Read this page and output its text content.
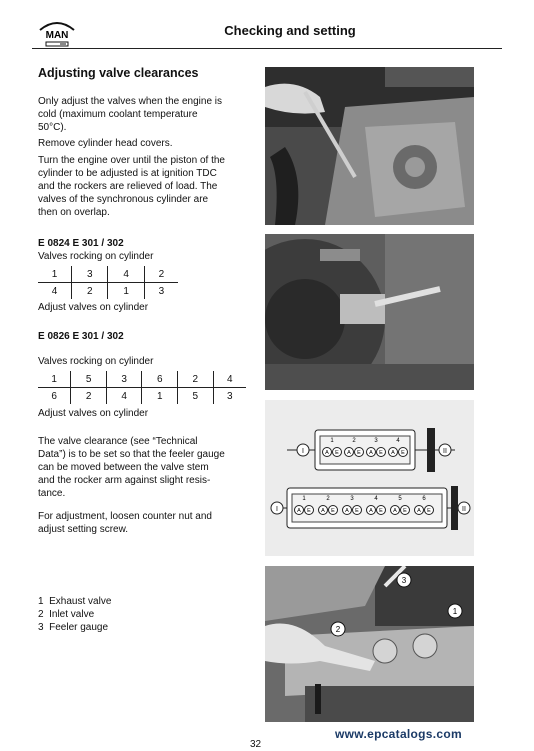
MAN	Checking and setting
Adjusting valve clearances
Only adjust the valves when the engine is
cold (maximum coolant temperature
50°C).
Remove cylinder head covers.
Turn the engine over until the piston of the
cylinder to be adjusted is at ignition TDC
and the rockers are relieved of load. The
valves of the synchronous cylinder are
then on overlap.
E 0824 E 301 / 302
Valves rocking on cylinder
1	3	4	2
4	2	1	3
Adjust valves on cylinder
E 0826 E 301 / 302
Valves rocking on cylinder
1	5	3	6	2	4
6	2	4	1	5	3
Adjust valves on cylinder
The valve clearance (see “Technical
Data”) is to be set so that the feeler gauge
can be moved between the valve stem
and the rocker arm against slight resis-
tance.
For adjustment, loosen counter nut and
adjust setting screw.
1 Exhaust valve
2 Inlet valve
3 Feeler gauge
I
1
A E
2
A E
3
A E
4
A E	II
I
1
A E
2
A E
3
A E
4
A E
5
A E
6
A E	II
3
2
1
www.epcatalogs.com
32
